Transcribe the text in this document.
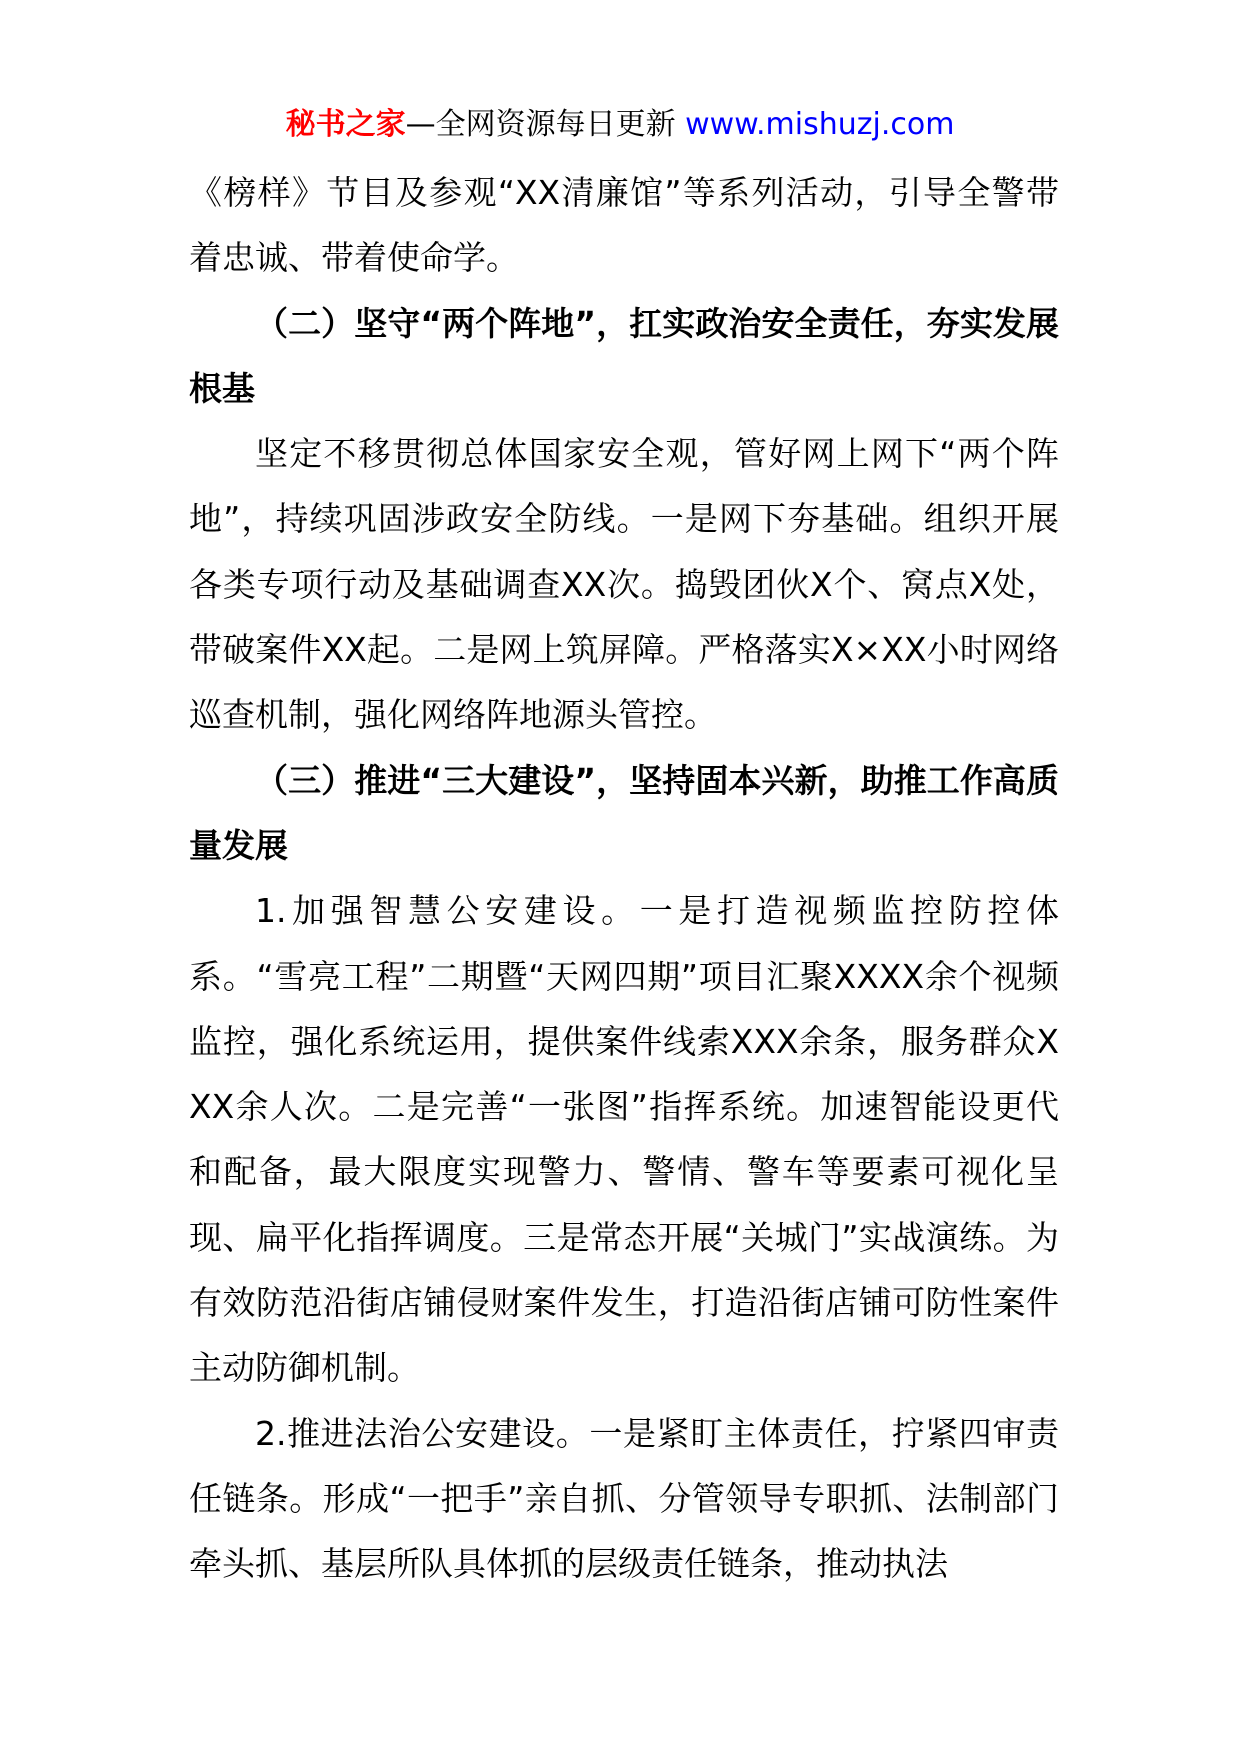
秘书之家—全网资源每日更新 www.mishuzj.com

《榜样》节目及参观“XX清廉馆”等系列活动，引导全警带着忠诚、带着使命学。

（二）坚守“两个阵地”，扛实政治安全责任，夯实发展根基

坚定不移贯彻总体国家安全观，管好网上网下“两个阵地”，持续巩固涉政安全防线。一是网下夯基础。组织开展各类专项行动及基础调查XX次。捣毁团伙X个、窝点X处，带破案件XX起。二是网上筑屏障。严格落实X×XX小时网络巡查机制，强化网络阵地源头管控。

（三）推进“三大建设”，坚持固本兴新，助推工作高质量发展

1.加强智慧公安建设。一是打造视频监控防控体系。“雪亮工程”二期暨“天网四期”项目汇聚XXXX余个视频监控，强化系统运用，提供案件线索XXX余条，服务群众XXX余人次。二是完善“一张图”指挥系统。加速智能设更代和配备，最大限度实现警力、警情、警车等要素可视化呈现、扁平化指挥调度。三是常态开展“关城门”实战演练。为有效防范沿街店铺侵财案件发生，打造沿街店铺可防性案件主动防御机制。

2.推进法治公安建设。一是紧盯主体责任，拧紧四审责任链条。形成“一把手”亲自抓、分管领导专职抓、法制部门牵头抓、基层所队具体抓的层级责任链条，推动执法
